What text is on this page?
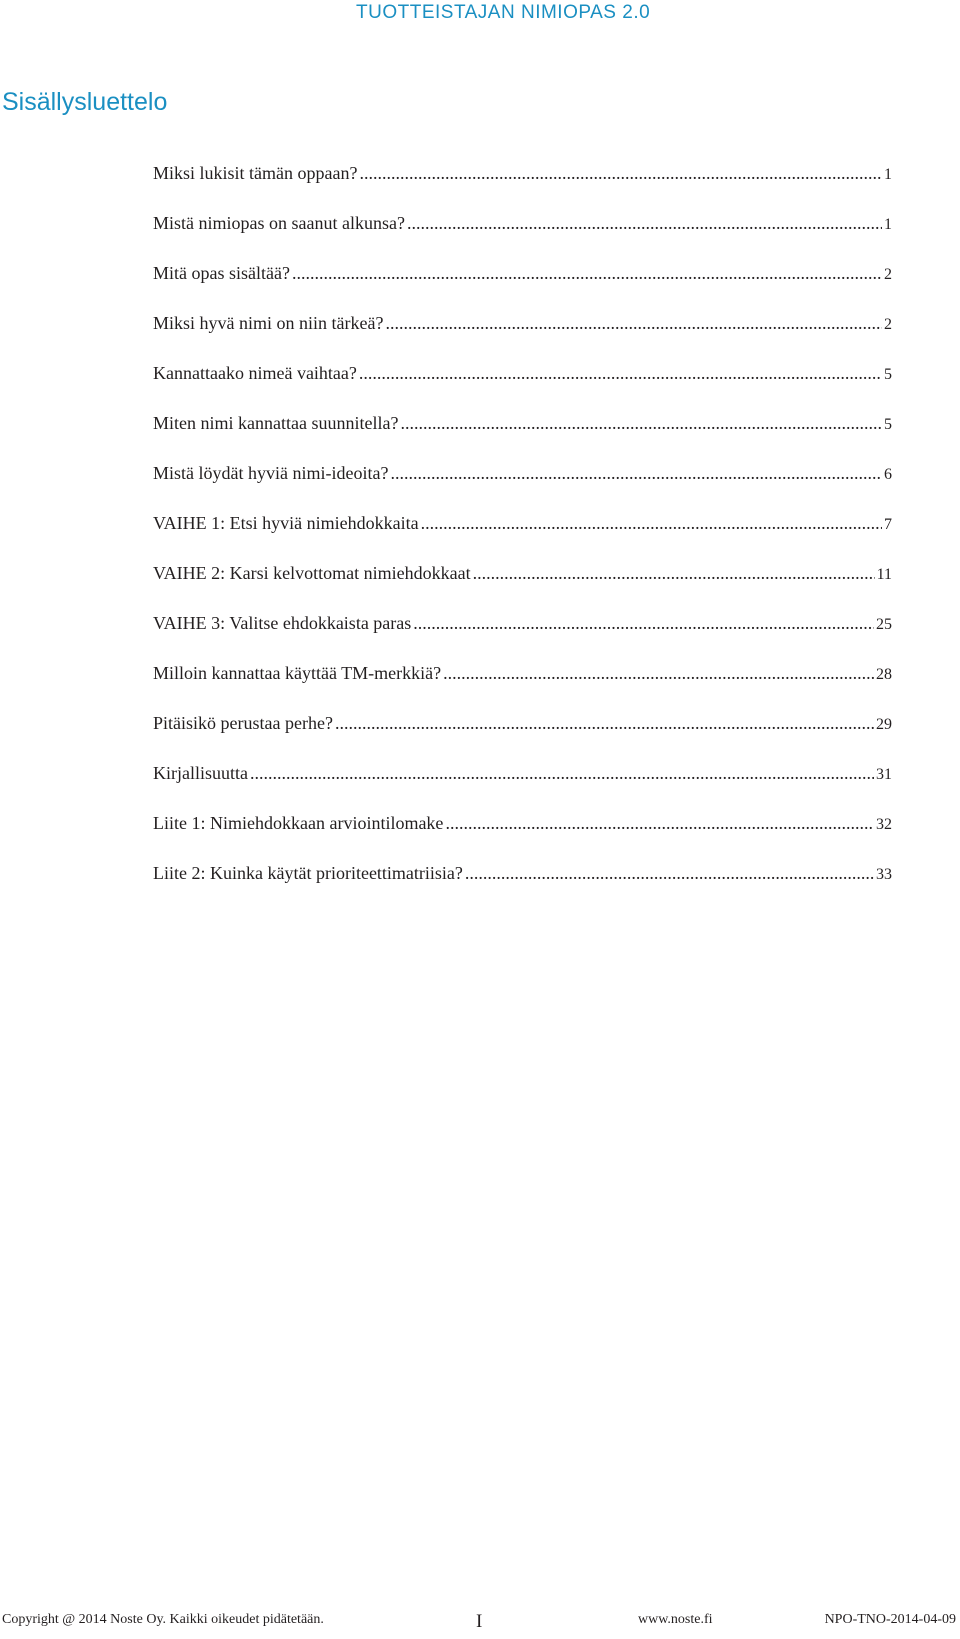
TUOTTEISTAJAN NIMIOPAS 2.0
Sisällysluettelo
Miksi lukisit tämän oppaan? .....	1
Mistä nimiopas on saanut alkunsa? .....	1
Mitä opas sisältää? .....	2
Miksi hyvä nimi on niin tärkeä? .....	2
Kannattaako nimeä vaihtaa? .....	5
Miten nimi kannattaa suunnitella? .....	5
Mistä löydät hyviä nimi-ideoita? .....	6
VAIHE 1: Etsi hyviä nimiehdokkaita .....	7
VAIHE 2: Karsi kelvottomat nimiehdokkaat .....	11
VAIHE 3: Valitse ehdokkaista paras .....	25
Milloin kannattaa käyttää TM-merkkiä? .....	28
Pitäisikö perustaa perhe? .....	29
Kirjallisuutta .....	31
Liite 1: Nimiehdokkaan arviointilomake .....	32
Liite 2: Kuinka käytät prioriteettimatriisia? .....	33
Copyright @ 2014 Noste Oy. Kaikki oikeudet pidätetään.	I	www.noste.fi	NPO-TNO-2014-04-09
